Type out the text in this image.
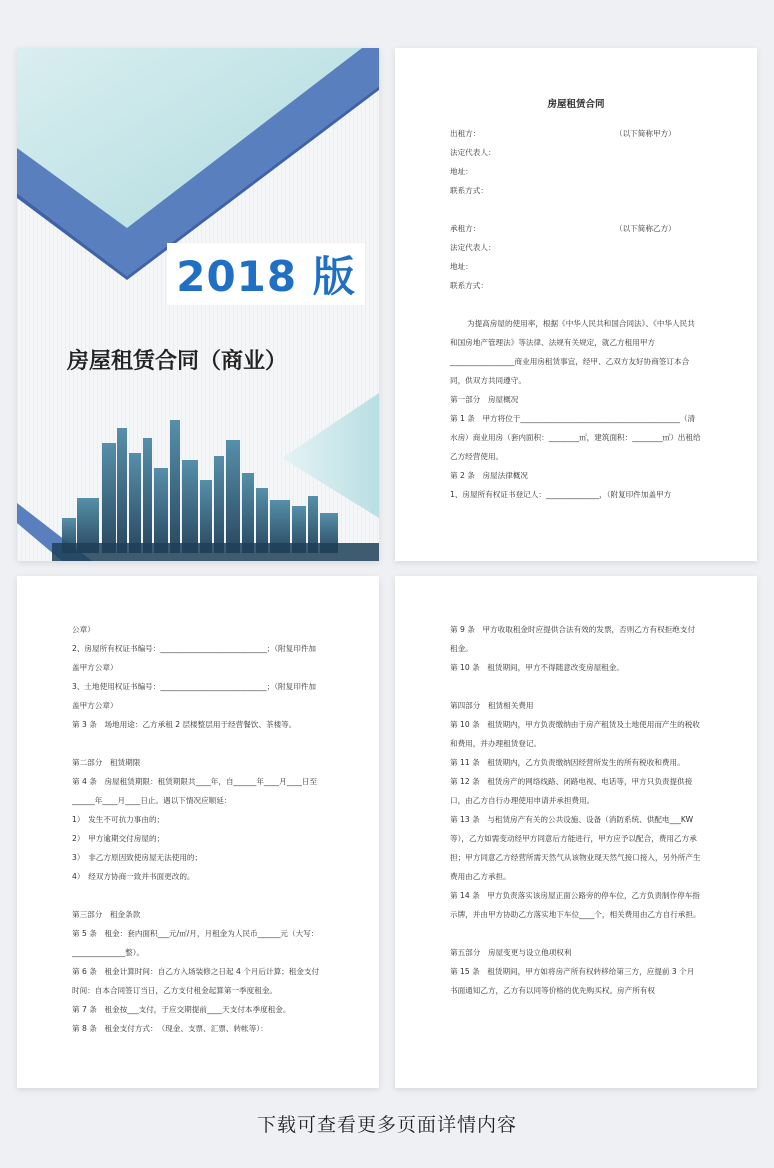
2018 版
房屋租赁合同（商业）
房屋租赁合同
出租方：	（以下简称甲方）
法定代表人：
地址：
联系方式：
承租方：	（以下简称乙方）
法定代表人：
地址：
联系方式：

为提高房屋的使用率，根据《中华人民共和国合同法》、《中华人民共和国房地产管理法》等法律、法规有关规定，就乙方租用甲方_________________商业用房租赁事宜，经甲、乙双方友好协商签订本合同，供双方共同遵守。

第一部分　房屋概况

第 1 条　甲方将位于__________________________________________（清水房）商业用房（套内面积：________㎡，建筑面积：________㎡）出租给乙方经营使用。

第 2 条　房屋法律概况

1、房屋所有权证书登记人：______________，（附复印件加盖甲方

公章）

2、房屋所有权证书编号：____________________________；（附复印件加盖甲方公章）

3、土地使用权证书编号：____________________________；（附复印件加盖甲方公章）

第 3 条　场地用途：乙方承租 2 层楼整层用于经营餐饮、茶楼等。

第二部分　租赁期限

第 4 条　房屋租赁期限：租赁期限共____年，自______年____月____日至______年____月____日止。遇以下情况应顺延：

1）　发生不可抗力事由的；

2）　甲方逾期交付房屋的；

3）　非乙方原因致使房屋无法使用的；

4）　经双方协商一致并书面更改的。

第三部分　租金条款

第 5 条　租金：套内面积___元/㎡/月，月租金为人民币______元（大写：______________整）。

第 6 条　租金计算时间：自乙方入场装修之日起 4 个月后计算；租金支付时间：自本合同签订当日，乙方支付租金起算第一季度租金。

第 7 条　租金按___支付，于应交期提前____天支付本季度租金。

第 8 条　租金支付方式：　（现金、支票、汇票、转帐等）：

第 9 条　甲方收取租金时应提供合法有效的发票，否则乙方有权拒绝支付租金。

第 10 条　租赁期间，甲方不得随意改变房屋租金。

第四部分　租赁相关费用

第 10 条　租赁期内，甲方负责缴纳由于房产租赁及土地使用而产生的税收和费用，并办理租赁登记。

第 11 条　租赁期内，乙方负责缴纳因经营所发生的所有税收和费用。

第 12 条　租赁房产的网络线路、闭路电视、电话等，甲方只负责提供接口，由乙方自行办理使用申请并承担费用。

第 13 条　与租赁房产有关的公共设施、设备（消防系统、供配电___KW 等），乙方如需变动经甲方同意后方能进行，甲方应予以配合，费用乙方承担；甲方同意乙方经营所需天然气从该物业现天然气接口接入，另外所产生费用由乙方承担。

第 14 条　甲方负责落实该房屋正面公路旁的停车位，乙方负责制作停车指示牌，并由甲方协助乙方落实地下车位____个，相关费用由乙方自行承担。

第五部分　房屋变更与设立他项权利

第 15 条　租赁期间，甲方如将房产所有权转移给第三方，应提前 3 个月书面通知乙方，乙方有以同等价格的优先购买权。房产所有权

下载可查看更多页面详情内容
